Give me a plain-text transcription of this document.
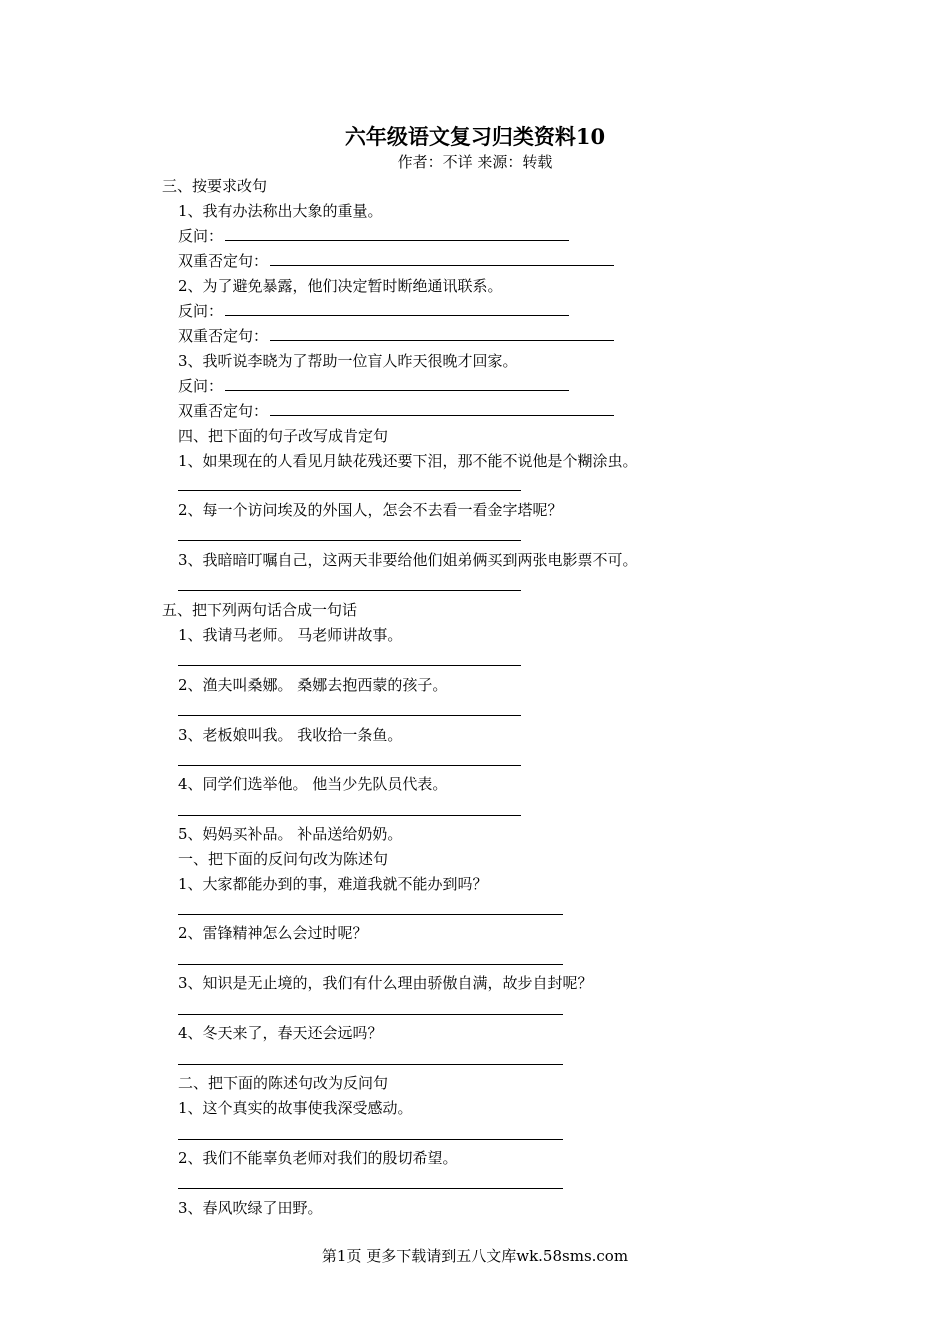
六年级语文复习归类资料10
作者：不详 来源：转载
三、按要求改句
1、我有办法称出大象的重量。
反问：
双重否定句：
2、为了避免暴露，他们决定暂时断绝通讯联系。
反问：
双重否定句：
3、我听说李晓为了帮助一位盲人昨天很晚才回家。
反问：
双重否定句：
四、把下面的句子改写成肯定句
1、如果现在的人看见月缺花残还要下泪，那不能不说他是个糊涂虫。
2、每一个访问埃及的外国人，怎会不去看一看金字塔呢？
3、我暗暗叮嘱自己，这两天非要给他们姐弟俩买到两张电影票不可。
五、把下列两句话合成一句话
1、我请马老师。 马老师讲故事。
2、渔夫叫桑娜。 桑娜去抱西蒙的孩子。
3、老板娘叫我。 我收拾一条鱼。
4、同学们选举他。 他当少先队员代表。
5、妈妈买补品。 补品送给奶奶。
一、把下面的反问句改为陈述句
1、大家都能办到的事，难道我就不能办到吗？
2、雷锋精神怎么会过时呢？
3、知识是无止境的，我们有什么理由骄傲自满，故步自封呢？
4、冬天来了，春天还会远吗？
二、把下面的陈述句改为反问句
1、这个真实的故事使我深受感动。
2、我们不能辜负老师对我们的殷切希望。
3、春风吹绿了田野。
第1页 更多下载请到五八文库wk.58sms.com
